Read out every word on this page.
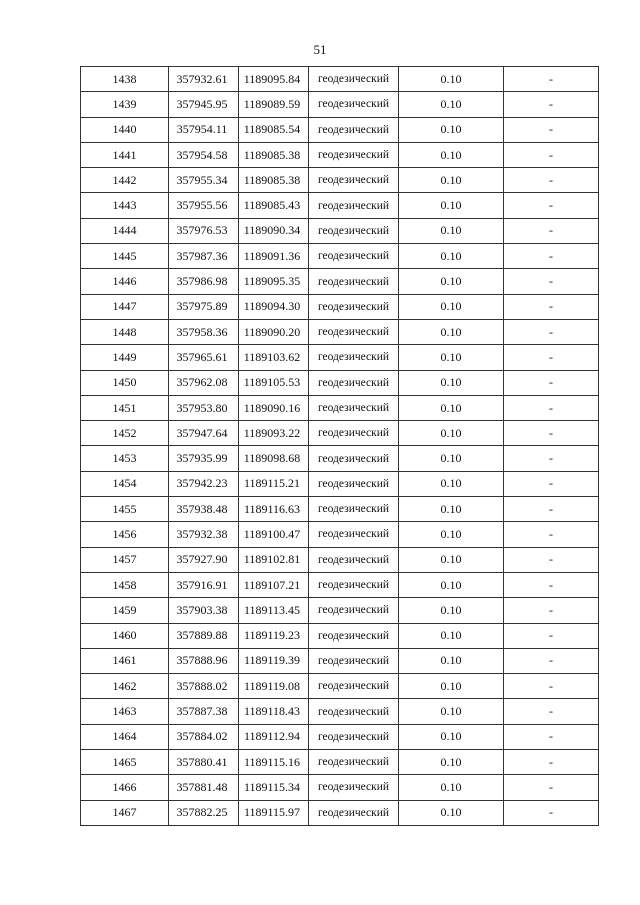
51
1438	357932.61	1189095.84	геодезический	0.10	-
1439	357945.95	1189089.59	геодезический	0.10	-
1440	357954.11	1189085.54	геодезический	0.10	-
1441	357954.58	1189085.38	геодезический	0.10	-
1442	357955.34	1189085.38	геодезический	0.10	-
1443	357955.56	1189085.43	геодезический	0.10	-
1444	357976.53	1189090.34	геодезический	0.10	-
1445	357987.36	1189091.36	геодезический	0.10	-
1446	357986.98	1189095.35	геодезический	0.10	-
1447	357975.89	1189094.30	геодезический	0.10	-
1448	357958.36	1189090.20	геодезический	0.10	-
1449	357965.61	1189103.62	геодезический	0.10	-
1450	357962.08	1189105.53	геодезический	0.10	-
1451	357953.80	1189090.16	геодезический	0.10	-
1452	357947.64	1189093.22	геодезический	0.10	-
1453	357935.99	1189098.68	геодезический	0.10	-
1454	357942.23	1189115.21	геодезический	0.10	-
1455	357938.48	1189116.63	геодезический	0.10	-
1456	357932.38	1189100.47	геодезический	0.10	-
1457	357927.90	1189102.81	геодезический	0.10	-
1458	357916.91	1189107.21	геодезический	0.10	-
1459	357903.38	1189113.45	геодезический	0.10	-
1460	357889.88	1189119.23	геодезический	0.10	-
1461	357888.96	1189119.39	геодезический	0.10	-
1462	357888.02	1189119.08	геодезический	0.10	-
1463	357887.38	1189118.43	геодезический	0.10	-
1464	357884.02	1189112.94	геодезический	0.10	-
1465	357880.41	1189115.16	геодезический	0.10	-
1466	357881.48	1189115.34	геодезический	0.10	-
1467	357882.25	1189115.97	геодезический	0.10	-
